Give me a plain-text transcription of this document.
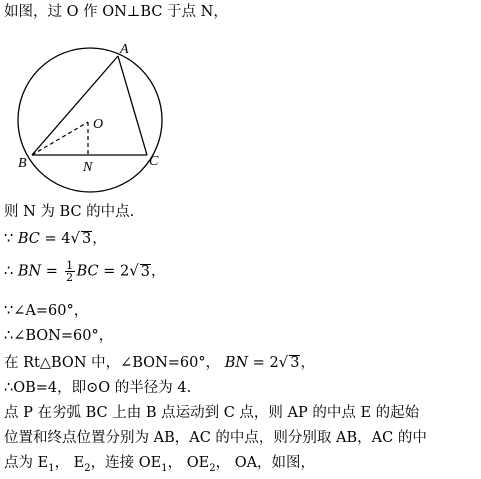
如图，过 O 作 ON⊥BC 于点 N，
A
O
B	N	C
则 N 为 BC 的中点.
∵ BC = 4√ 3，
∴ BN = $\frac{1}{2}$ BC = 2√ 3，
∵∠A=60°，
∴∠BON=60°，
在 Rt△BON 中，∠BON=60°， BN = 2√ 3，
∴OB=4，即⊙O 的半径为 4.
点 P 在劣弧 BC 上由 B 点运动到 C 点，则 AP 的中点 E 的起始
位置和终点位置分别为 AB，AC 的中点，则分别取 AB，AC 的中
点为 $E_1$， $E_2$，连接 $OE_1$， $OE_2$， OA，如图，
